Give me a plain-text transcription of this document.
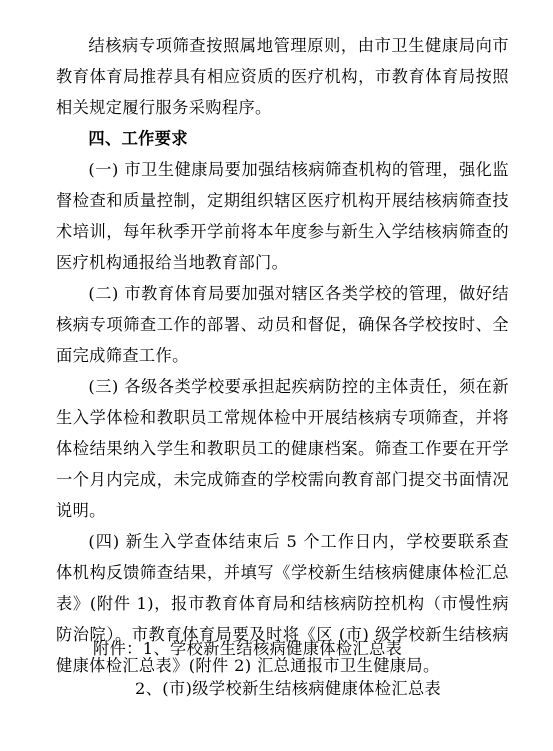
结核病专项筛查按照属地管理原则，由市卫生健康局向市教育体育局推荐具有相应资质的医疗机构，市教育体育局按照相关规定履行服务采购程序。

四、工作要求

(一) 市卫生健康局要加强结核病筛查机构的管理，强化监督检查和质量控制，定期组织辖区医疗机构开展结核病筛查技术培训，每年秋季开学前将本年度参与新生入学结核病筛查的医疗机构通报给当地教育部门。

(二) 市教育体育局要加强对辖区各类学校的管理，做好结核病专项筛查工作的部署、动员和督促，确保各学校按时、全面完成筛查工作。

(三) 各级各类学校要承担起疾病防控的主体责任，须在新生入学体检和教职员工常规体检中开展结核病专项筛查，并将体检结果纳入学生和教职员工的健康档案。筛查工作要在开学一个月内完成，未完成筛查的学校需向教育部门提交书面情况说明。

(四) 新生入学查体结束后 5 个工作日内，学校要联系查体机构反馈筛查结果，并填写《学校新生结核病健康体检汇总表》(附件 1)，报市教育体育局和结核病防控机构（市慢性病防治院）。市教育体育局要及时将《区 (市) 级学校新生结核病健康体检汇总表》(附件 2) 汇总通报市卫生健康局。

附件：1、学校新生结核病健康体检汇总表
2、(市)级学校新生结核病健康体检汇总表
